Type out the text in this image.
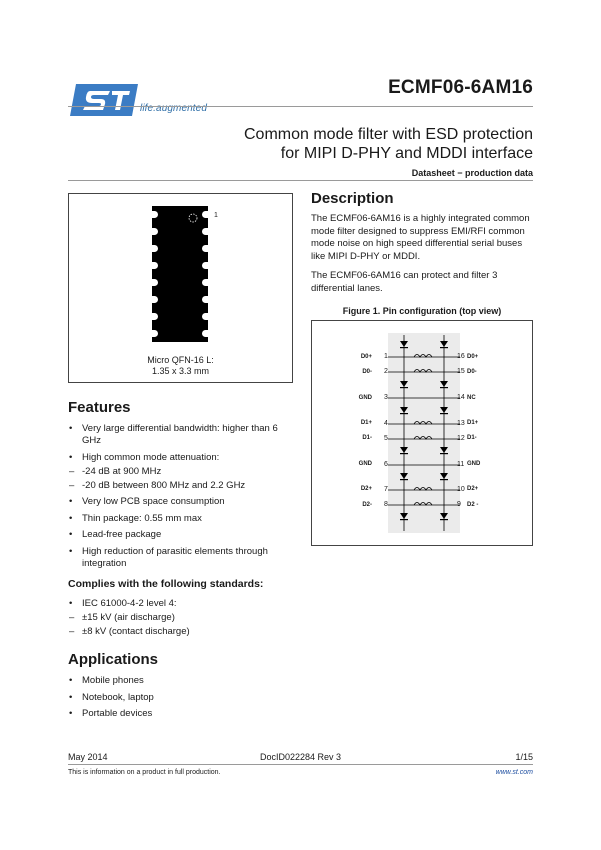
life.augmented
ECMF06-6AM16
Common mode filter with ESD protection
for MIPI D-PHY and MDDI interface
Datasheet − production data
1
Micro QFN-16 L:
1.35 x 3.3 mm
Description
The ECMF06-6AM16 is a highly integrated common mode filter designed to suppress EMI/RFI common mode noise on high speed differential serial buses like MIPI D-PHY or MDDI.
The ECMF06-6AM16 can protect and filter 3 differential lanes.
Figure 1. Pin configuration (top view)
D0+ 1
D0- 2
GND 3
D1+ 4
D1- 5
GND 6
D2+ 7
D2- 8
16 D0+
15 D0-
14 NC
13 D1+
12 D1-
11 GND
10 D2+
9 D2 -
Features
• Very large differential bandwidth: higher than 6 GHz
• High common mode attenuation:
– -24 dB at 900 MHz
– -20 dB between 800 MHz and 2.2 GHz
• Very low PCB space consumption
• Thin package: 0.55 mm max
• Lead-free package
• High reduction of parasitic elements through integration
Complies with the following standards:
• IEC 61000-4-2 level 4:
– ±15 kV (air discharge)
– ±8 kV (contact discharge)
Applications
• Mobile phones
• Notebook, laptop
• Portable devices
May 2014	DocID022284 Rev 3	1/15
This is information on a product in full production.	www.st.com
